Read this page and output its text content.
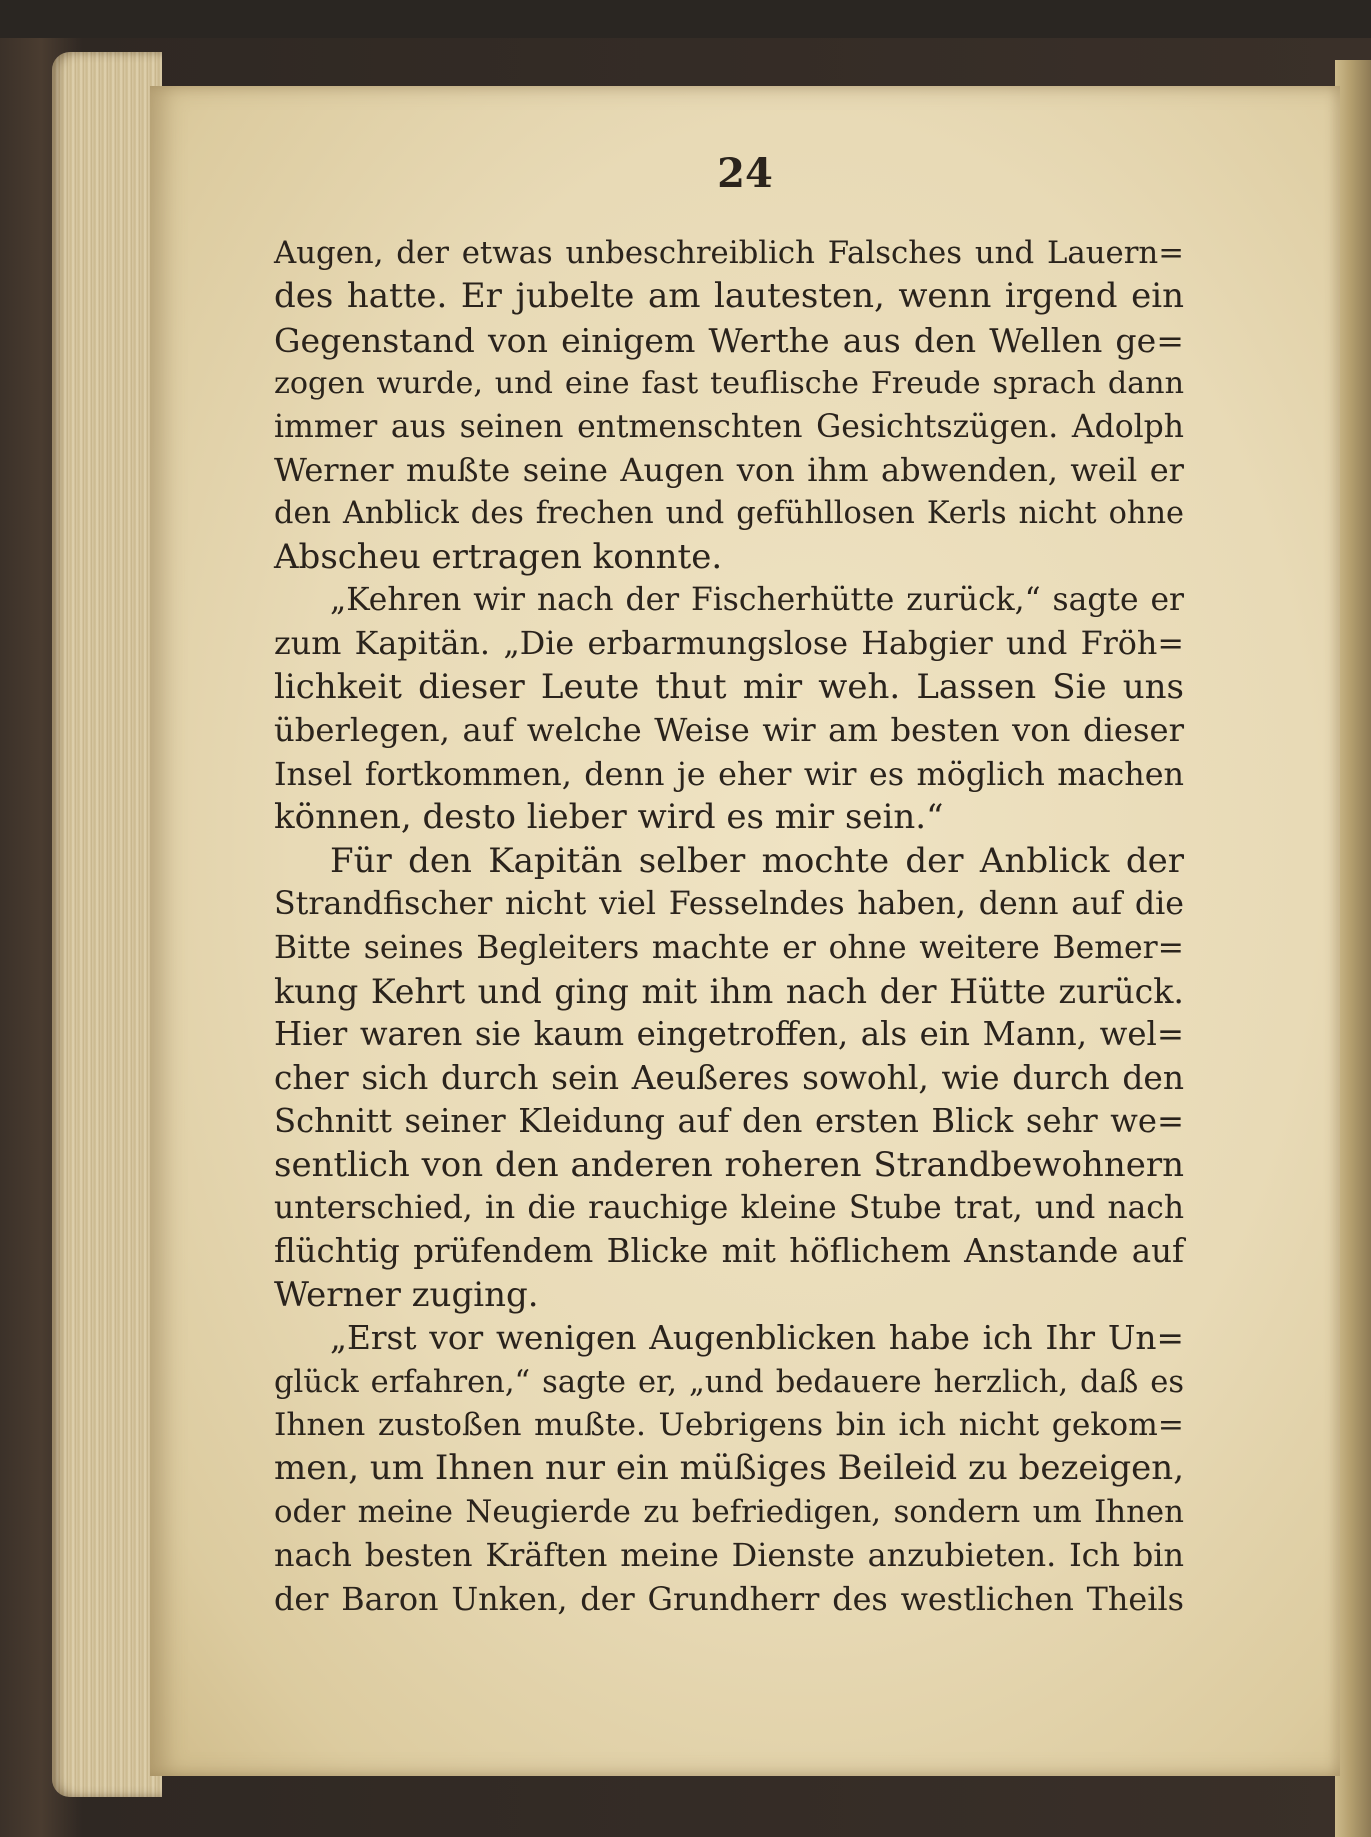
24
Augen, der etwas unbeschreiblich Falsches und Lauern=
des hatte. Er jubelte am lautesten, wenn irgend ein
Gegenstand von einigem Werthe aus den Wellen ge=
zogen wurde, und eine fast teuflische Freude sprach dann
immer aus seinen entmenschten Gesichtszügen. Adolph
Werner mußte seine Augen von ihm abwenden, weil er
den Anblick des frechen und gefühllosen Kerls nicht ohne
Abscheu ertragen konnte.
„Kehren wir nach der Fischerhütte zurück,“ sagte er
zum Kapitän. „Die erbarmungslose Habgier und Fröh=
lichkeit dieser Leute thut mir weh. Lassen Sie uns
überlegen, auf welche Weise wir am besten von dieser
Insel fortkommen, denn je eher wir es möglich machen
können, desto lieber wird es mir sein.“
Für den Kapitän selber mochte der Anblick der
Strandfischer nicht viel Fesselndes haben, denn auf die
Bitte seines Begleiters machte er ohne weitere Bemer=
kung Kehrt und ging mit ihm nach der Hütte zurück.
Hier waren sie kaum eingetroffen, als ein Mann, wel=
cher sich durch sein Aeußeres sowohl, wie durch den
Schnitt seiner Kleidung auf den ersten Blick sehr we=
sentlich von den anderen roheren Strandbewohnern
unterschied, in die rauchige kleine Stube trat, und nach
flüchtig prüfendem Blicke mit höflichem Anstande auf
Werner zuging.
„Erst vor wenigen Augenblicken habe ich Ihr Un=
glück erfahren,“ sagte er, „und bedauere herzlich, daß es
Ihnen zustoßen mußte. Uebrigens bin ich nicht gekom=
men, um Ihnen nur ein müßiges Beileid zu bezeigen,
oder meine Neugierde zu befriedigen, sondern um Ihnen
nach besten Kräften meine Dienste anzubieten. Ich bin
der Baron Unken, der Grundherr des westlichen Theils
